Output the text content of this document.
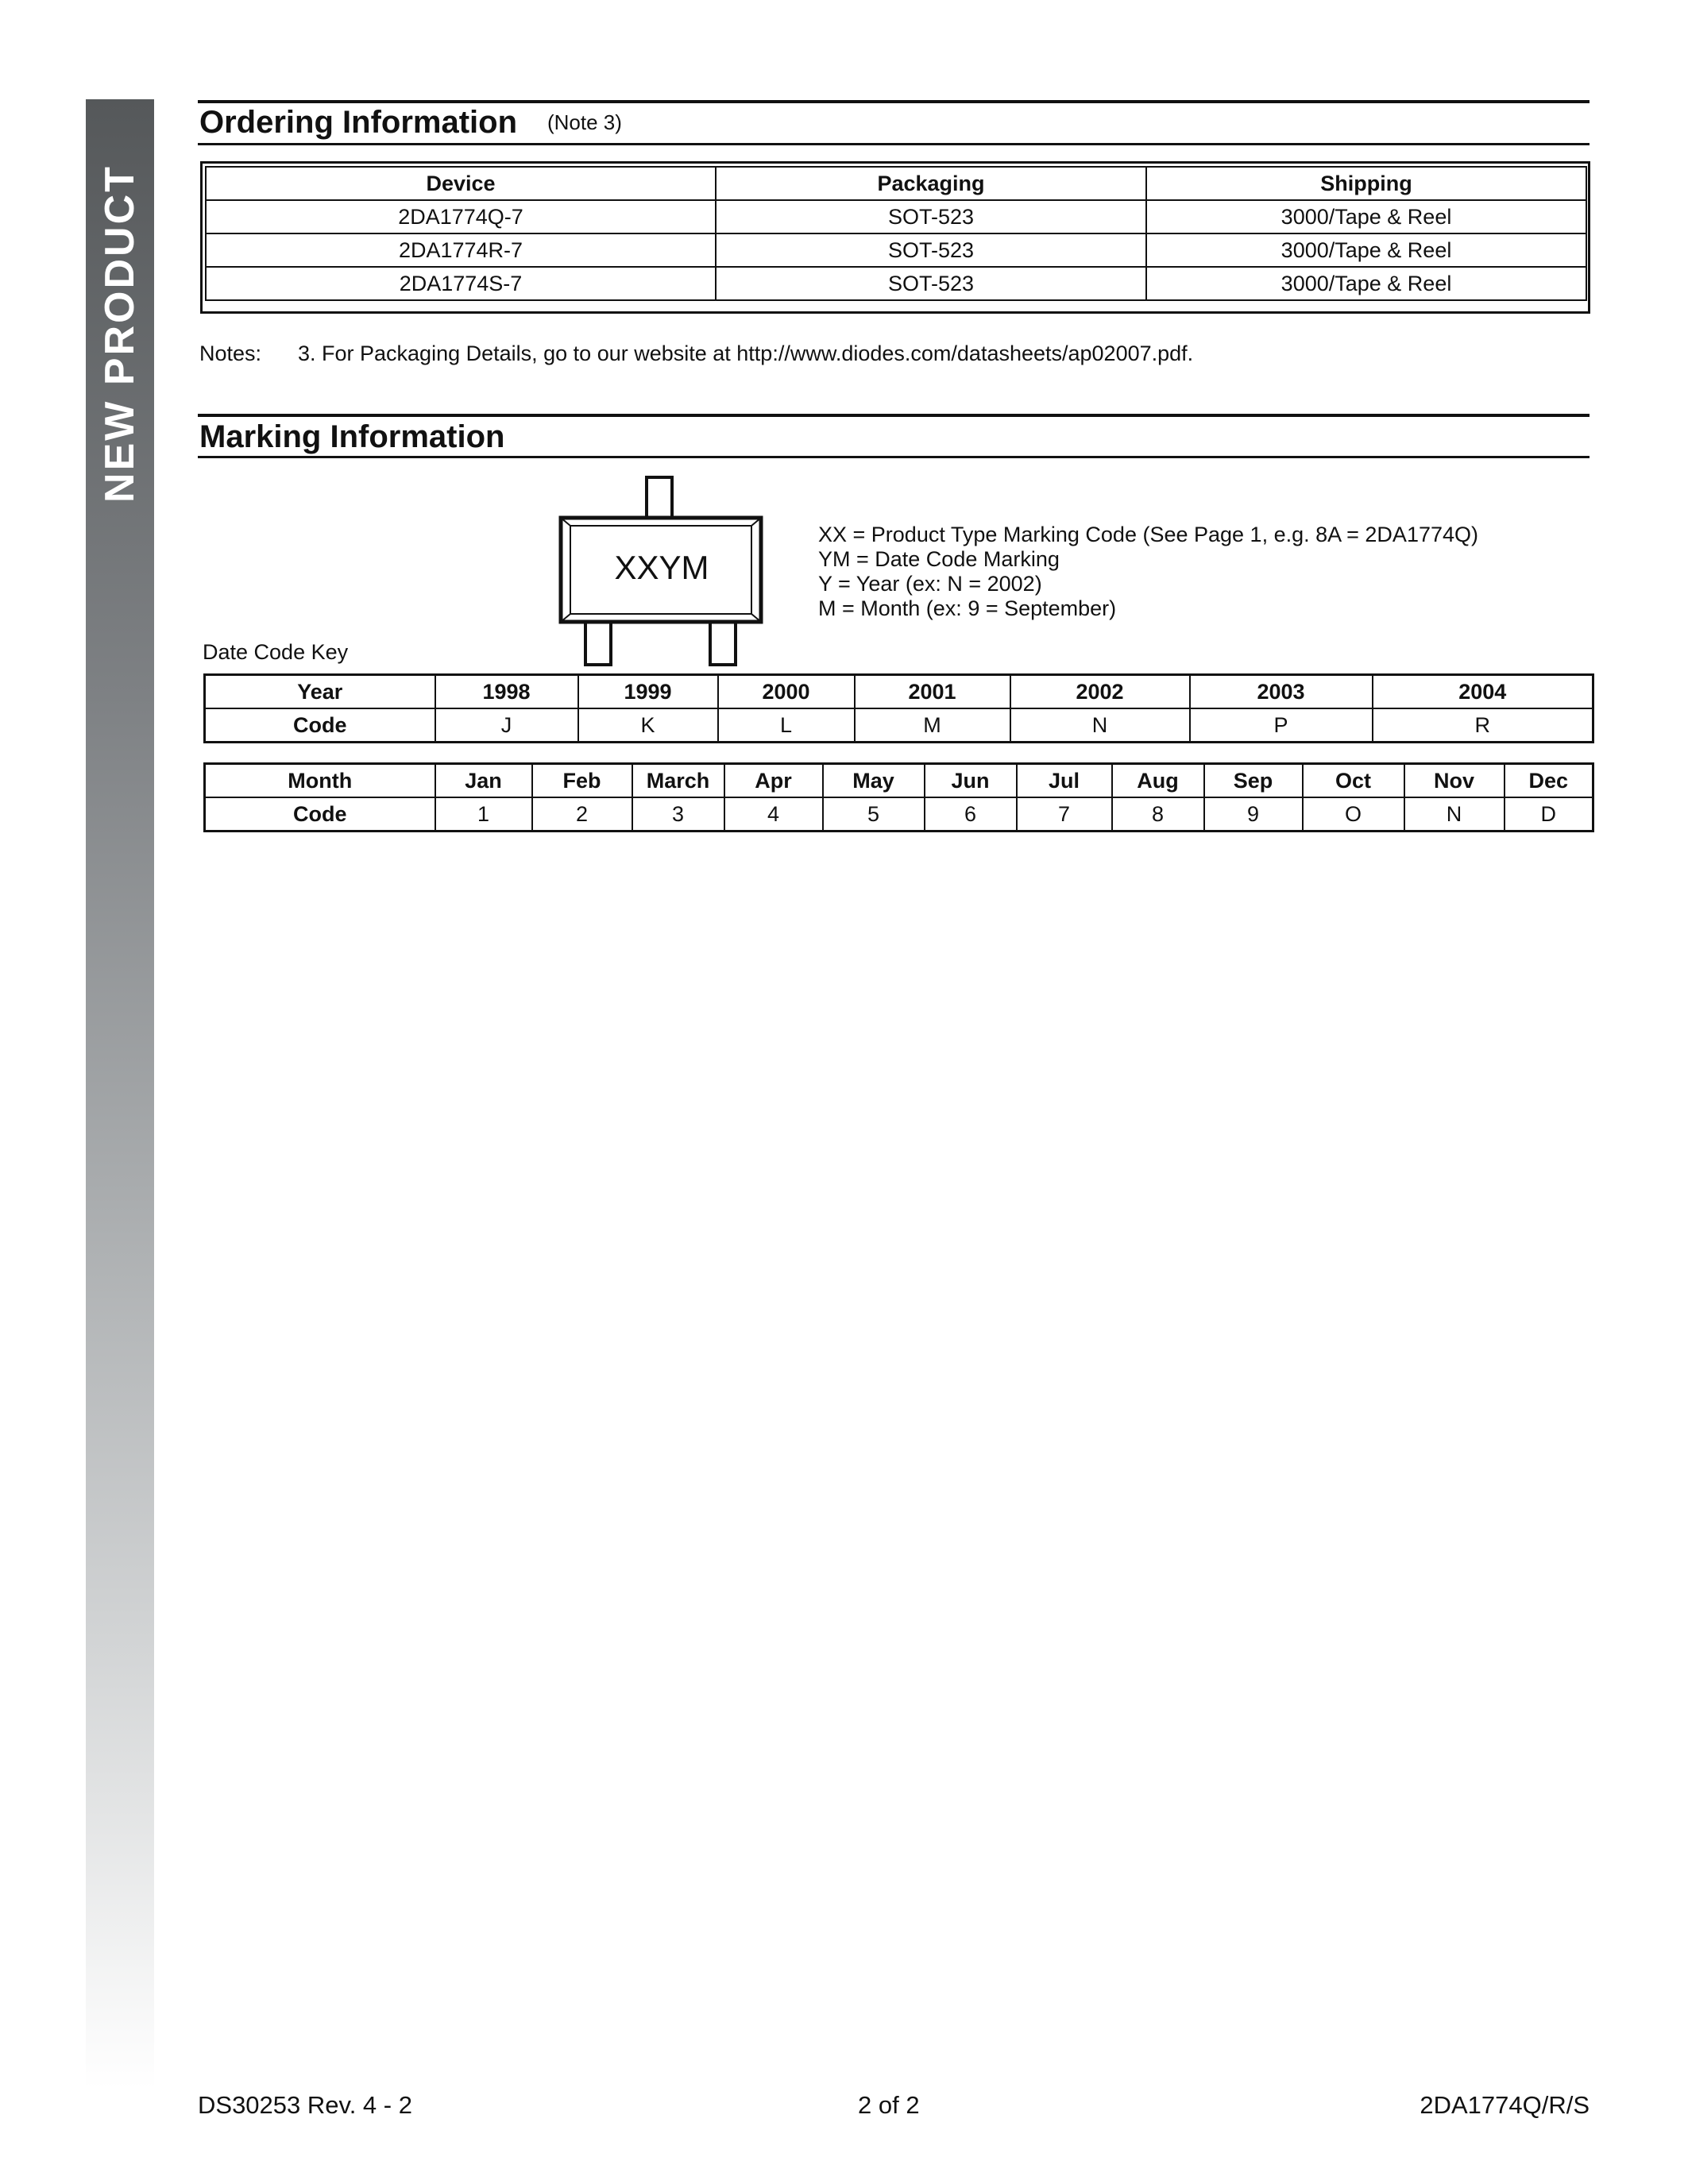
NEW PRODUCT
Ordering Information (Note 3)
Device	Packaging	Shipping
2DA1774Q-7	SOT-523	3000/Tape & Reel
2DA1774R-7	SOT-523	3000/Tape & Reel
2DA1774S-7	SOT-523	3000/Tape & Reel
Notes: 3. For Packaging Details, go to our website at http://www.diodes.com/datasheets/ap02007.pdf.
Marking Information
XXYM
XX = Product Type Marking Code (See Page 1, e.g. 8A = 2DA1774Q)
YM = Date Code Marking
Y = Year (ex: N = 2002)
M = Month (ex: 9 = September)
Date Code Key
Year	1998	1999	2000	2001	2002	2003	2004
Code	J	K	L	M	N	P	R
Month	Jan	Feb	March	Apr	May	Jun	Jul	Aug	Sep	Oct	Nov	Dec
Code	1	2	3	4	5	6	7	8	9	O	N	D
DS30253 Rev. 4 - 2	2 of 2	2DA1774Q/R/S
